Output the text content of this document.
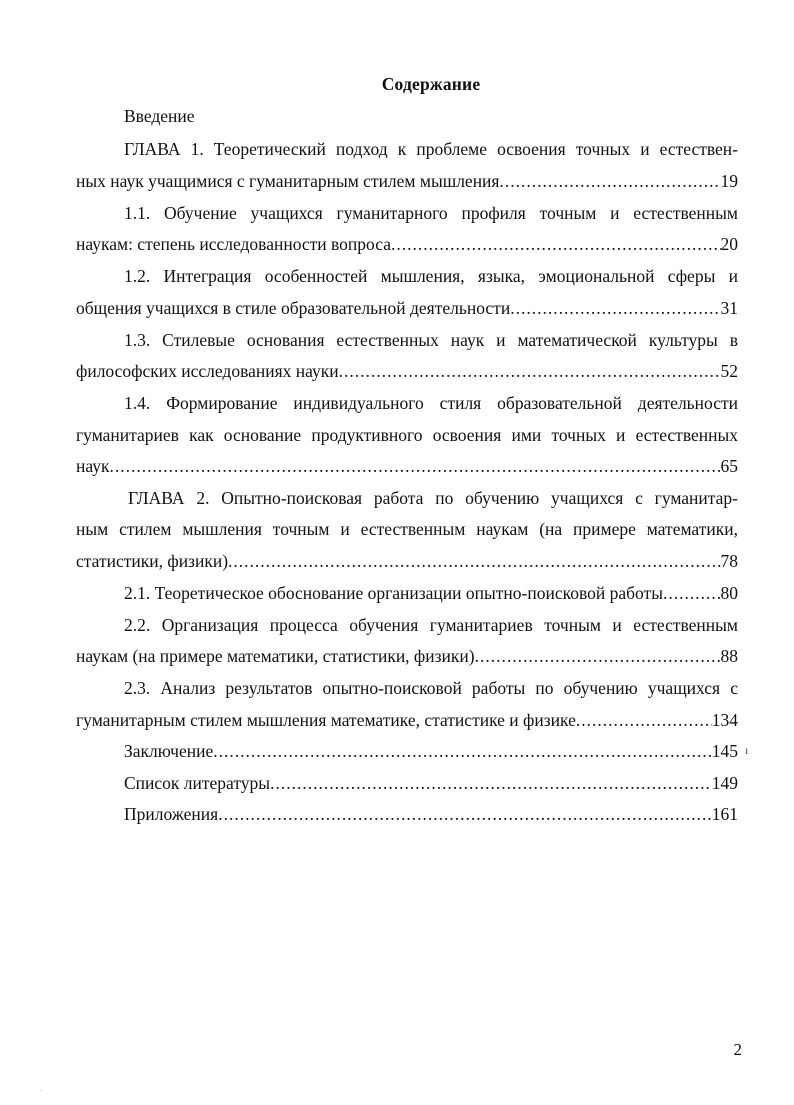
Содержание
Введение
ГЛАВА 1. Теоретический подход к проблеме освоения точных и естествен-
ных наук учащимися с гуманитарным стилем мышления .....	19
1.1. Обучение учащихся гуманитарного профиля точным и естественным
наукам: степень исследованности вопроса .....	20
1.2. Интеграция особенностей мышления, языка, эмоциональной сферы и
общения учащихся в стиле образовательной деятельности .....	31
1.3. Стилевые основания естественных наук и математической культуры в
философских исследованиях науки .....	52
1.4. Формирование индивидуального стиля образовательной деятельности
гуманитариев как основание продуктивного освоения ими точных и естественных
наук .....	65
ГЛАВА 2. Опытно-поисковая работа по обучению учащихся с гуманитар-
ным стилем мышления точным и естественным наукам (на примере математики,
статистики, физики) .....	78
2.1. Теоретическое обоснование организации опытно-поисковой работы .....	80
2.2. Организация процесса обучения гуманитариев точным и естественным
наукам (на примере математики, статистики, физики) .....	88
2.3. Анализ результатов опытно-поисковой работы по обучению учащихся с
гуманитарным стилем мышления математике, статистике и физике .....	134
Заключение .....	145
Список литературы .....	149
Приложения .....	161
2
ı
·
